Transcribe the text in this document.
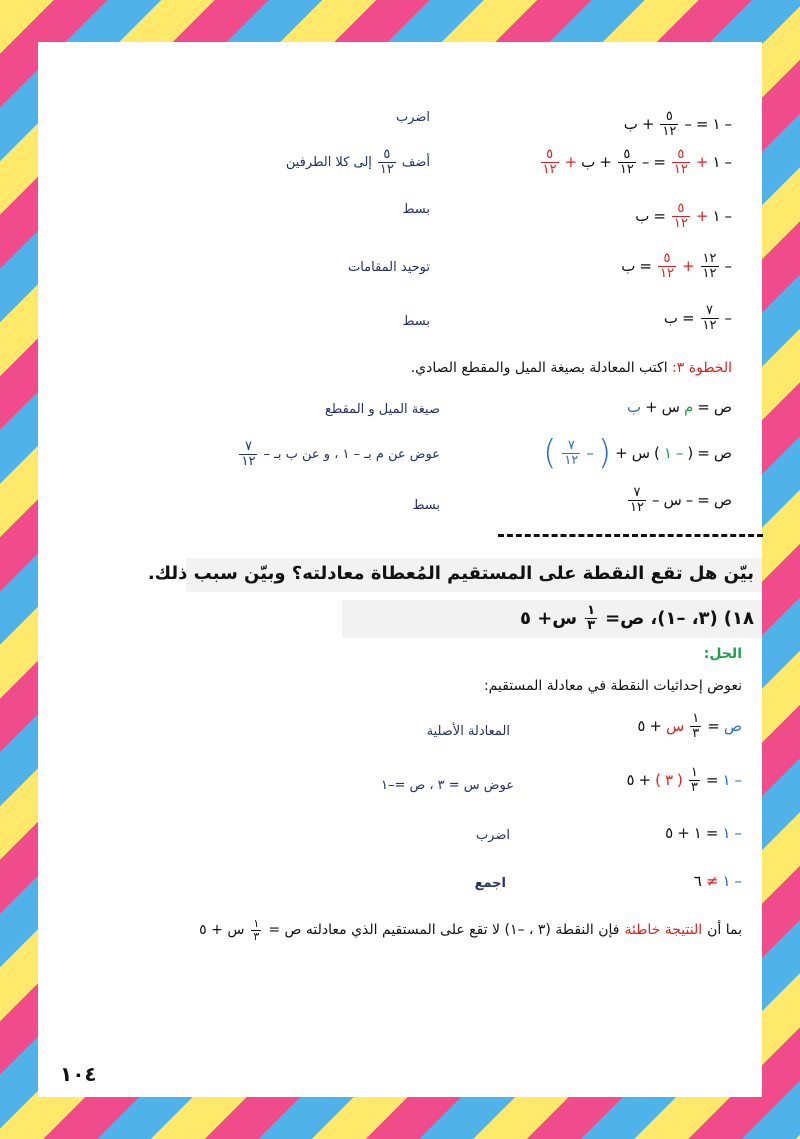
–
١
=
–
$\frac{٥}{١٢}$
+
ب
اضرب
–
١
+
$\frac{٥}{١٢}$
=
–
$\frac{٥}{١٢}$
+
ب
+
$\frac{٥}{١٢}$
أضف
$\frac{٥}{١٢}$
إلى كلا الطرفين
–
١
+
$\frac{٥}{١٢}$
=
ب
بسط
–
$\frac{١٢}{١٢}$
+
$\frac{٥}{١٢}$
=
ب
توحيد المقامات
–
$\frac{٧}{١٢}$
=
ب
بسط
الخطوة ٣: اكتب المعادلة بصيغة الميل والمقطع الصادي.
ص
=
م
س
+
ب
صيغة الميل و المقطع
ص
=
(
–
١
)
س
+
(
–
$\frac{٧}{١٢}$
)
عوض عن م بـ – ١ ، و عن ب بـ –
$\frac{٧}{١٢}$
ص
=
–
س
–
$\frac{٧}{١٢}$
بسط
بيّن هل تقع النقطة على المستقيم المُعطاة معادلته؟ وبيّن سبب ذلك.
١٨)
(٣، –١)،
ص=
$\frac{١}{٣}$
س+ ٥
الحل:
نعوض إحداثيات النقطة في معادلة المستقيم:
ص
=
$\frac{١}{٣}$
س
+
٥
المعادلة الأصلية
–
١
=
$\frac{١}{٣}$
(
٣
)
+
٥
عوض س = ٣ ، ص =–١
–
١
=
١
+
٥
اضرب
–
١
≠
٦
اجمع
بما أن
النتيجة خاطئة
فإن النقطة (٣ ، –١) لا تقع على المستقيم الذي معادلته ص =
$\frac{١}{٣}$
س + ٥
١٠٤
